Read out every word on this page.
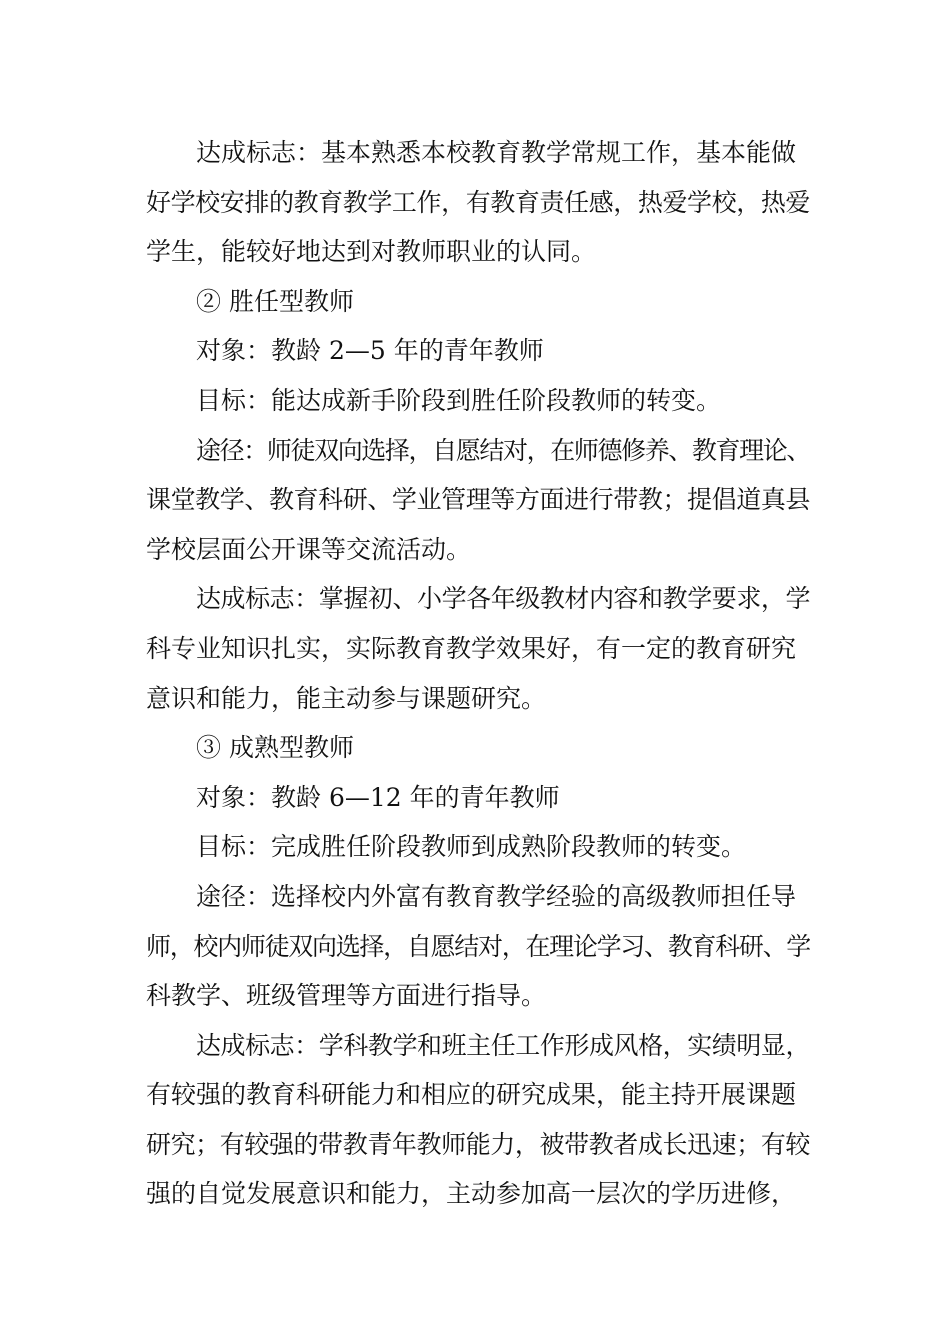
达成标志：基本熟悉本校教育教学常规工作，基本能做
好学校安排的教育教学工作，有教育责任感，热爱学校，热爱
学生，能较好地达到对教师职业的认同。
② 胜任型教师
对象：教龄 2—5 年的青年教师
目标：能达成新手阶段到胜任阶段教师的转变。
途径：师徒双向选择，自愿结对，在师德修养、教育理论、
课堂教学、教育科研、学业管理等方面进行带教；提倡道真县
学校层面公开课等交流活动。
达成标志：掌握初、小学各年级教材内容和教学要求，学
科专业知识扎实，实际教育教学效果好，有一定的教育研究
意识和能力，能主动参与课题研究。
③ 成熟型教师
对象：教龄 6—12 年的青年教师
目标：完成胜任阶段教师到成熟阶段教师的转变。
途径：选择校内外富有教育教学经验的高级教师担任导
师，校内师徒双向选择，自愿结对，在理论学习、教育科研、学
科教学、班级管理等方面进行指导。
达成标志：学科教学和班主任工作形成风格，实绩明显，
有较强的教育科研能力和相应的研究成果，能主持开展课题
研究；有较强的带教青年教师能力，被带教者成长迅速；有较
强的自觉发展意识和能力，主动参加高一层次的学历进修，
